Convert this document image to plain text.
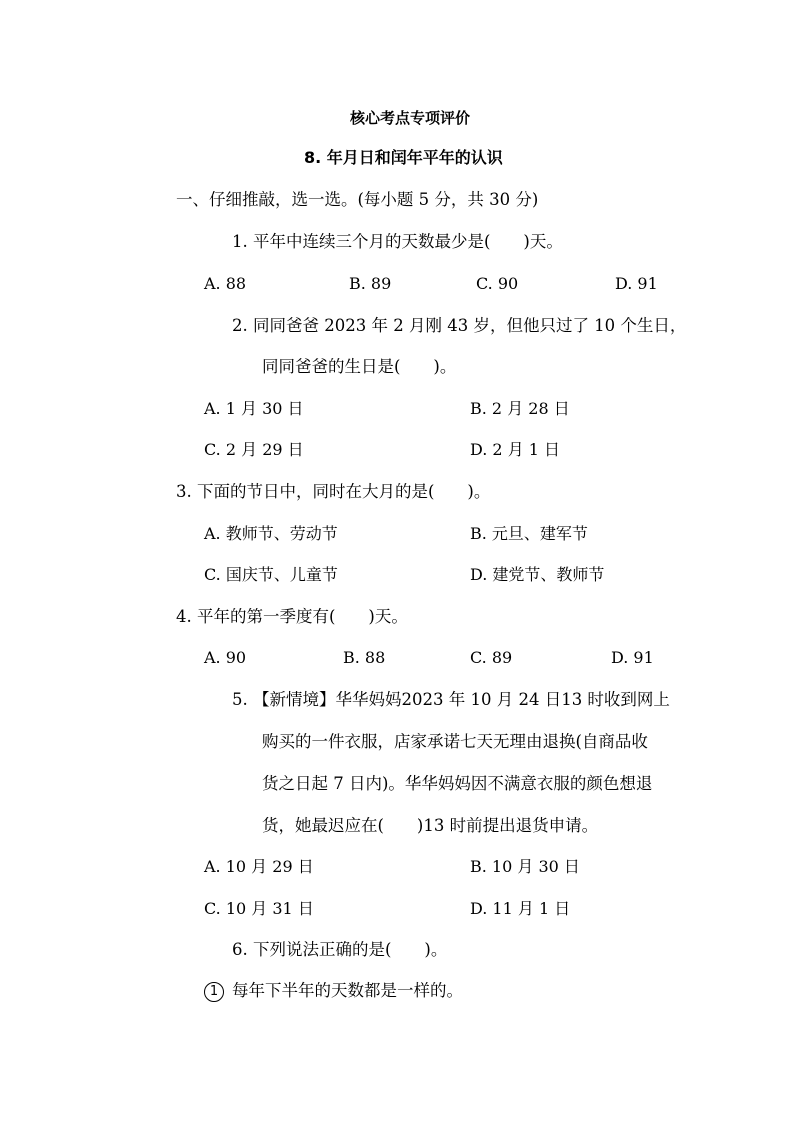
核心考点专项评价
8. 年月日和闰年平年的认识
一、仔细推敲，选一选。(每小题 5 分，共 30 分)
1. 平年中连续三个月的天数最少是(　　)天。
A. 88	B. 89	C. 90	D. 91
2. 同同爸爸 2023 年 2 月刚 43 岁，但他只过了 10 个生日，
同同爸爸的生日是(　　)。
A. 1 月 30 日	B. 2 月 28 日
C. 2 月 29 日	D. 2 月 1 日
3. 下面的节日中，同时在大月的是(　　)。
A. 教师节、劳动节	B. 元旦、建军节
C. 国庆节、儿童节	D. 建党节、教师节
4. 平年的第一季度有(　　)天。
A. 90	B. 88	C. 89	D. 91
5. 【新情境】华华妈妈2023 年 10 月 24 日13 时收到网上
购买的一件衣服，店家承诺七天无理由退换(自商品收
货之日起 7 日内)。华华妈妈因不满意衣服的颜色想退
货，她最迟应在(　　)13 时前提出退货申请。
A. 10 月 29 日	B. 10 月 30 日
C. 10 月 31 日	D. 11 月 1 日
6. 下列说法正确的是(　　)。
1 每年下半年的天数都是一样的。
